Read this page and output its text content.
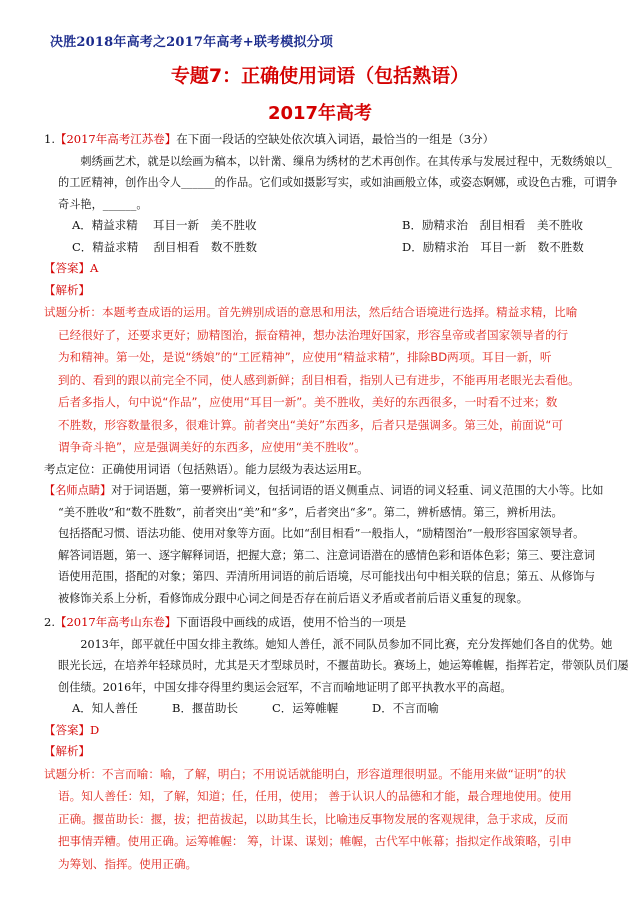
决胜2018年高考之2017年高考+联考模拟分项
专题7：正确使用词语（包括熟语）
2017年高考
1.【2017年高考江苏卷】在下面一段话的空缺处依次填入词语，最恰当的一组是（3分）
刺绣画艺术，就是以绘画为稿本，以针黹、缫帛为绣材的艺术再创作。在其传承与发展过程中，无数绣娘以_
的工匠精神，创作出令人______的作品。它们或如摄影写实，或如油画般立体，或姿态婀娜，或设色古雅，可谓争
奇斗艳，______。
A．精益求精　 耳目一新　美不胜收	B．励精求治　刮目相看　美不胜收
C．精益求精　 刮目相看　数不胜数	D．励精求治　耳目一新　数不胜数
【答案】A
【解析】
试题分析：本题考查成语的运用。首先辨别成语的意思和用法，然后结合语境进行选择。精益求精，比喻
已经很好了，还要求更好；励精图治，振奋精神，想办法治理好国家，形容皇帝或者国家领导者的行
为和精神。第一处，是说“绣娘”的“工匠精神”，应使用“精益求精”，排除BD两项。耳目一新，听
到的、看到的跟以前完全不同，使人感到新鲜；刮目相看，指别人已有进步，不能再用老眼光去看他。
后者多指人，句中说“作品”，应使用“耳目一新”。美不胜收，美好的东西很多，一时看不过来；数
不胜数，形容数量很多，很难计算。前者突出“美好”东西多，后者只是强调多。第三处，前面说“可
谓争奇斗艳”，应是强调美好的东西多，应使用“美不胜收”。
考点定位：正确使用词语（包括熟语）。能力层级为表达运用E。
【名师点睛】对于词语题，第一要辨析词义，包括词语的语义侧重点、词语的词义轻重、词义范围的大小等。比如
“美不胜收”和“数不胜数”，前者突出“美”和“多”，后者突出“多”。第二，辨析感情。第三，辨析用法。
包括搭配习惯、语法功能、使用对象等方面。比如“刮目相看”一般指人，“励精图治”一般形容国家领导者。
解答词语题，第一、逐字解释词语，把握大意；第二、注意词语潜在的感情色彩和语体色彩；第三、要注意词
语使用范围，搭配的对象；第四、弄清所用词语的前后语境，尽可能找出句中相关联的信息；第五、从修饰与
被修饰关系上分析，看修饰成分跟中心词之间是否存在前后语义矛盾或者前后语义重复的现象。
2.【2017年高考山东卷】下面语段中画线的成语，使用不恰当的一项是
2013年，郎平就任中国女排主教练。她知人善任，派不同队员参加不同比赛，充分发挥她们各自的优势。她
眼光长远，在培养年轻球员时，尤其是天才型球员时，不揠苗助长。赛场上，她运筹帷幄，指挥若定，带领队员们屡
创佳绩。2016年，中国女排夺得里约奥运会冠军，不言而喻地证明了郎平执教水平的高超。
A．知人善任	B．揠苗助长	C．运筹帷幄	D．不言而喻
【答案】D
【解析】
试题分析：不言而喻：喻，了解，明白；不用说话就能明白，形容道理很明显。不能用来做“证明”的状
语。知人善任：知，了解，知道；任，任用，使用； 善于认识人的品德和才能，最合理地使用。使用
正确。揠苗助长：揠，拔；把苗拔起，以助其生长，比喻违反事物发展的客观规律，急于求成，反而
把事情弄糟。使用正确。运筹帷幄： 筹，计谋、谋划；帷幄，古代军中帐幕；指拟定作战策略，引申
为筹划、指挥。使用正确。
